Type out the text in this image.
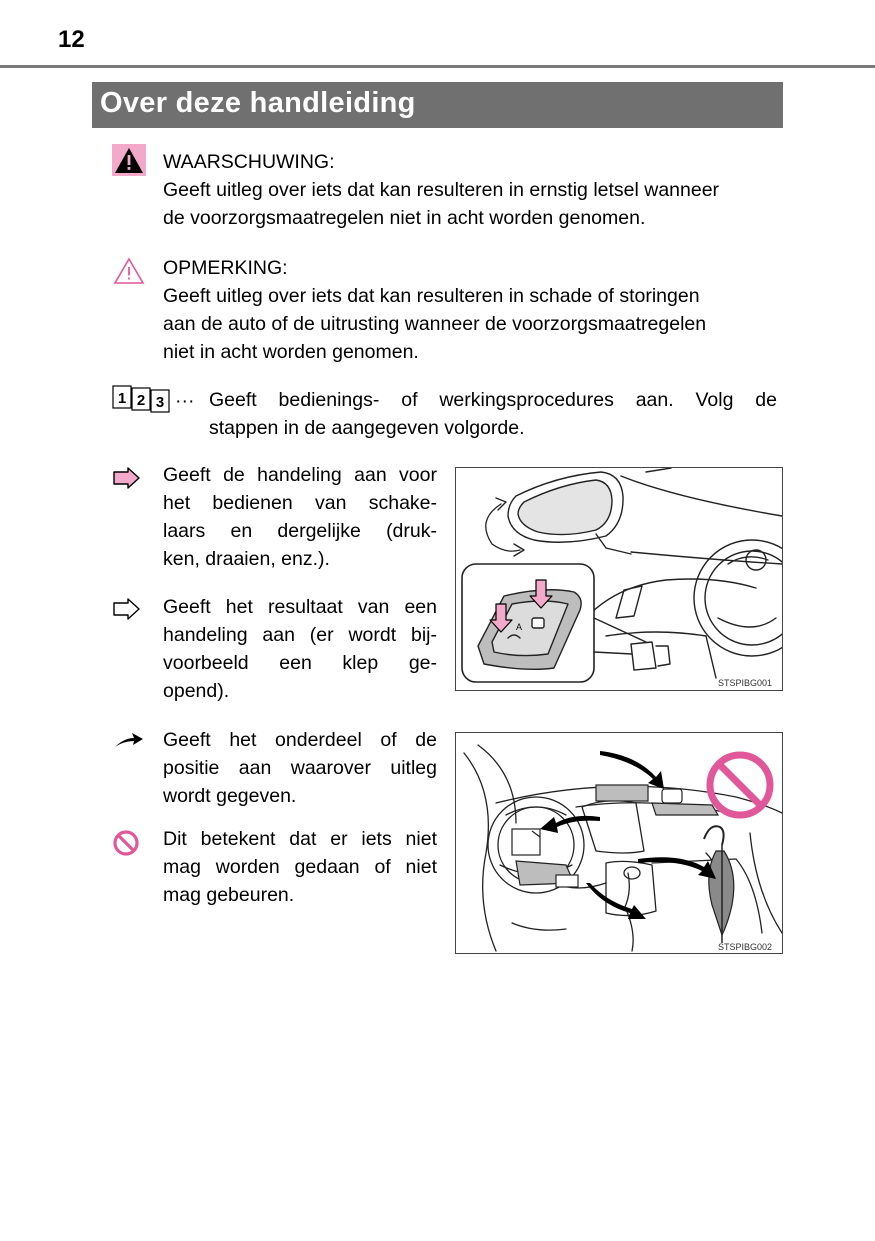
12
Over deze handleiding
WAARSCHUWING:
Geeft uitleg over iets dat kan resulteren in ernstig letsel wanneer
de voorzorgsmaatregelen niet in acht worden genomen.
OPMERKING:
Geeft uitleg over iets dat kan resulteren in schade of storingen
aan de auto of de uitrusting wanneer de voorzorgsmaatregelen
niet in acht worden genomen.
1 2 3 ··· Geeft bedienings- of werkingsprocedures aan. Volg de
stappen in de aangegeven volgorde.
Geeft de handeling aan voor
het bedienen van schake-
laars en dergelijke (druk-
ken, draaien, enz.).
Geeft het resultaat van een
handeling aan (er wordt bij-
voorbeeld een klep ge-
opend).
Geeft het onderdeel of de
positie aan waarover uitleg
wordt gegeven.
Dit betekent dat er iets niet
mag worden gedaan of niet
mag gebeuren.
A
STSPIBG001
STSPIBG002
